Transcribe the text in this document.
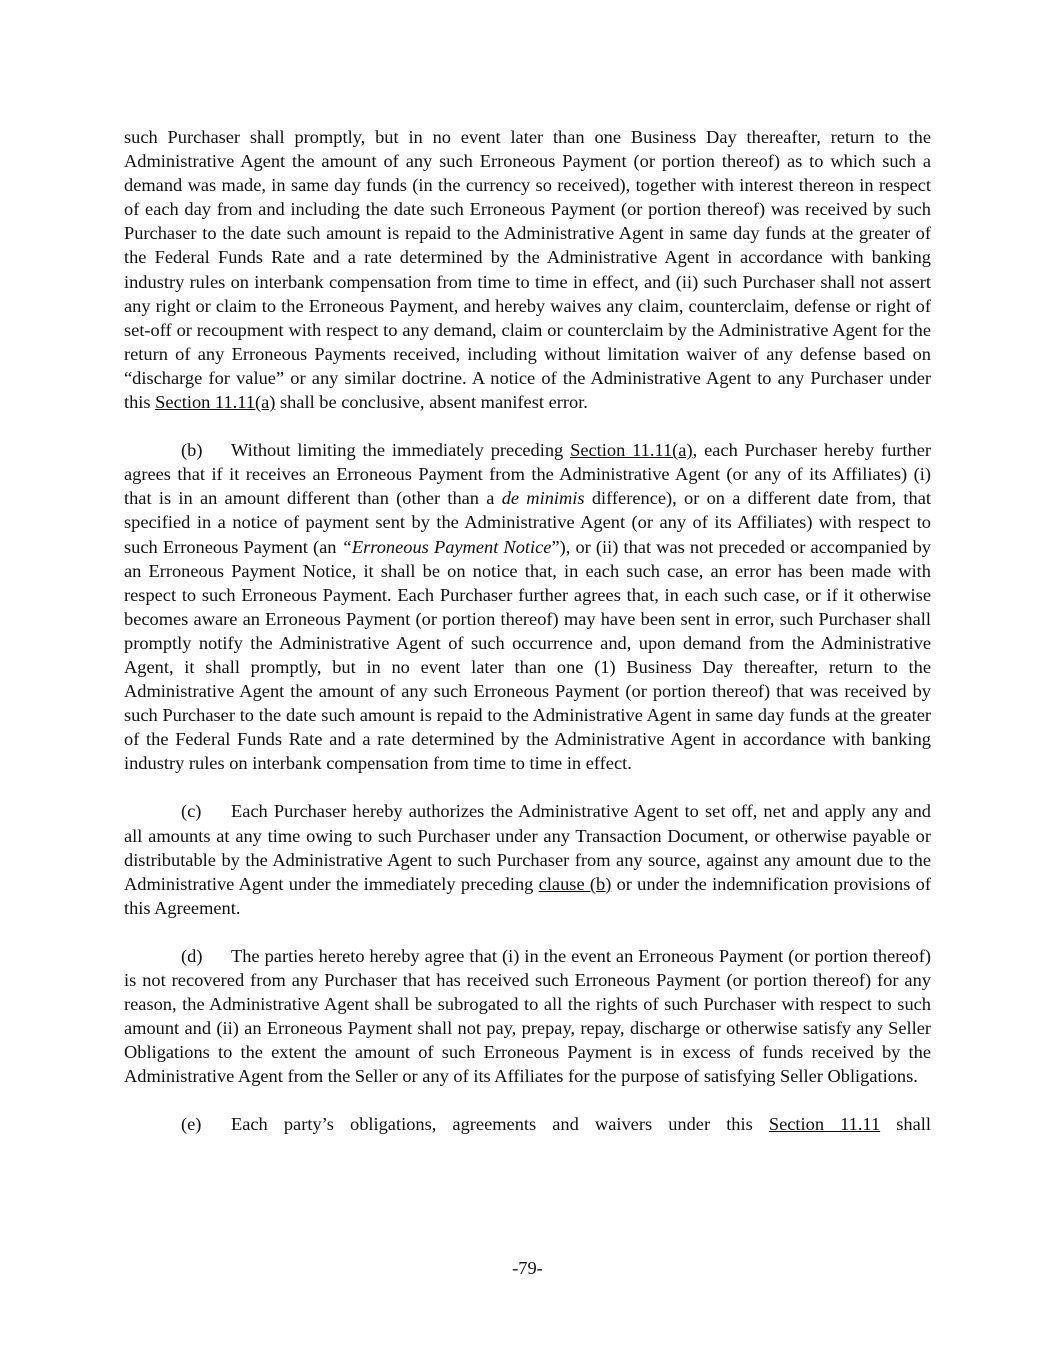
such Purchaser shall promptly, but in no event later than one Business Day thereafter, return to the Administrative Agent the amount of any such Erroneous Payment (or portion thereof) as to which such a demand was made, in same day funds (in the currency so received), together with interest thereon in respect of each day from and including the date such Erroneous Payment (or portion thereof) was received by such Purchaser to the date such amount is repaid to the Administrative Agent in same day funds at the greater of the Federal Funds Rate and a rate determined by the Administrative Agent in accordance with banking industry rules on interbank compensation from time to time in effect, and (ii) such Purchaser shall not assert any right or claim to the Erroneous Payment, and hereby waives any claim, counterclaim, defense or right of set-off or recoupment with respect to any demand, claim or counterclaim by the Administrative Agent for the return of any Erroneous Payments received, including without limitation waiver of any defense based on “discharge for value” or any similar doctrine. A notice of the Administrative Agent to any Purchaser under this Section 11.11(a) shall be conclusive, absent manifest error.

(b) Without limiting the immediately preceding Section 11.11(a), each Purchaser hereby further agrees that if it receives an Erroneous Payment from the Administrative Agent (or any of its Affiliates) (i) that is in an amount different than (other than a de minimis difference), or on a different date from, that specified in a notice of payment sent by the Administrative Agent (or any of its Affiliates) with respect to such Erroneous Payment (an “Erroneous Payment Notice”), or (ii) that was not preceded or accompanied by an Erroneous Payment Notice, it shall be on notice that, in each such case, an error has been made with respect to such Erroneous Payment. Each Purchaser further agrees that, in each such case, or if it otherwise becomes aware an Erroneous Payment (or portion thereof) may have been sent in error, such Purchaser shall promptly notify the Administrative Agent of such occurrence and, upon demand from the Administrative Agent, it shall promptly, but in no event later than one (1) Business Day thereafter, return to the Administrative Agent the amount of any such Erroneous Payment (or portion thereof) that was received by such Purchaser to the date such amount is repaid to the Administrative Agent in same day funds at the greater of the Federal Funds Rate and a rate determined by the Administrative Agent in accordance with banking industry rules on interbank compensation from time to time in effect.

(c) Each Purchaser hereby authorizes the Administrative Agent to set off, net and apply any and all amounts at any time owing to such Purchaser under any Transaction Document, or otherwise payable or distributable by the Administrative Agent to such Purchaser from any source, against any amount due to the Administrative Agent under the immediately preceding clause (b) or under the indemnification provisions of this Agreement.

(d) The parties hereto hereby agree that (i) in the event an Erroneous Payment (or portion thereof) is not recovered from any Purchaser that has received such Erroneous Payment (or portion thereof) for any reason, the Administrative Agent shall be subrogated to all the rights of such Purchaser with respect to such amount and (ii) an Erroneous Payment shall not pay, prepay, repay, discharge or otherwise satisfy any Seller Obligations to the extent the amount of such Erroneous Payment is in excess of funds received by the Administrative Agent from the Seller or any of its Affiliates for the purpose of satisfying Seller Obligations.

(e) Each party’s obligations, agreements and waivers under this Section 11.11 shall

-79-
